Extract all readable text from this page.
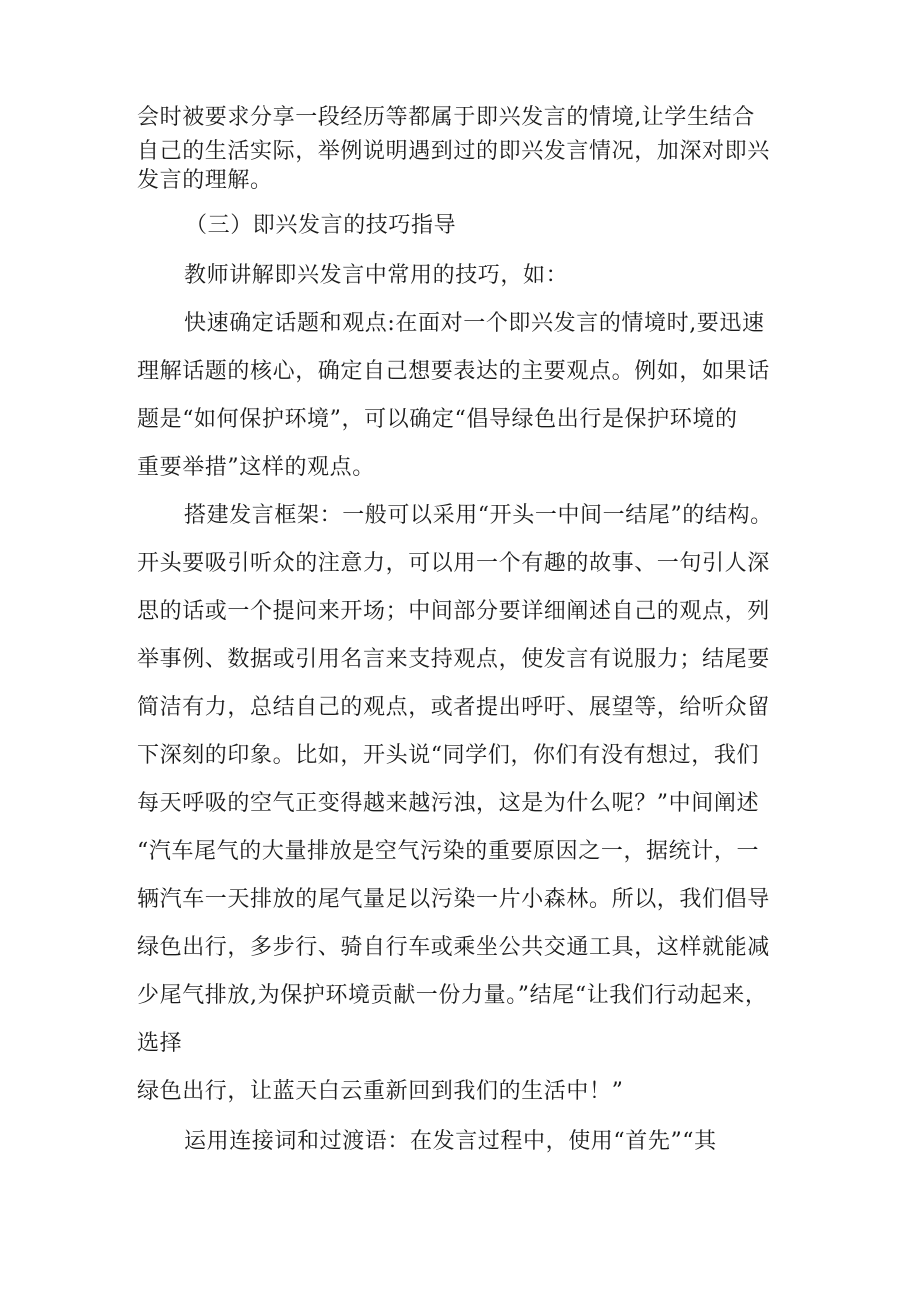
会时被要求分享一段经历等都属于即兴发言的情境,让学生结合
自己的生活实际，举例说明遇到过的即兴发言情况，加深对即兴
发言的理解。
（三）即兴发言的技巧指导
教师讲解即兴发言中常用的技巧，如：
快速确定话题和观点:在面对一个即兴发言的情境时,要迅速
理解话题的核心，确定自己想要表达的主要观点。例如，如果话
题是“如何保护环境”，可以确定“倡导绿色出行是保护环境的
重要举措”这样的观点。
搭建发言框架：一般可以采用“开头一中间一结尾”的结构。
开头要吸引听众的注意力，可以用一个有趣的故事、一句引人深
思的话或一个提问来开场；中间部分要详细阐述自己的观点，列
举事例、数据或引用名言来支持观点，使发言有说服力；结尾要
简洁有力，总结自己的观点，或者提出呼吁、展望等，给听众留
下深刻的印象。比如，开头说“同学们，你们有没有想过，我们
每天呼吸的空气正变得越来越污浊，这是为什么呢？”中间阐述
“汽车尾气的大量排放是空气污染的重要原因之一，据统计，一
辆汽车一天排放的尾气量足以污染一片小森林。所以，我们倡导
绿色出行，多步行、骑自行车或乘坐公共交通工具，这样就能减
少尾气排放,为保护环境贡献一份力量。”结尾“让我们行动起来，
选择
绿色出行，让蓝天白云重新回到我们的生活中！”
运用连接词和过渡语：在发言过程中，使用“首先”“其
